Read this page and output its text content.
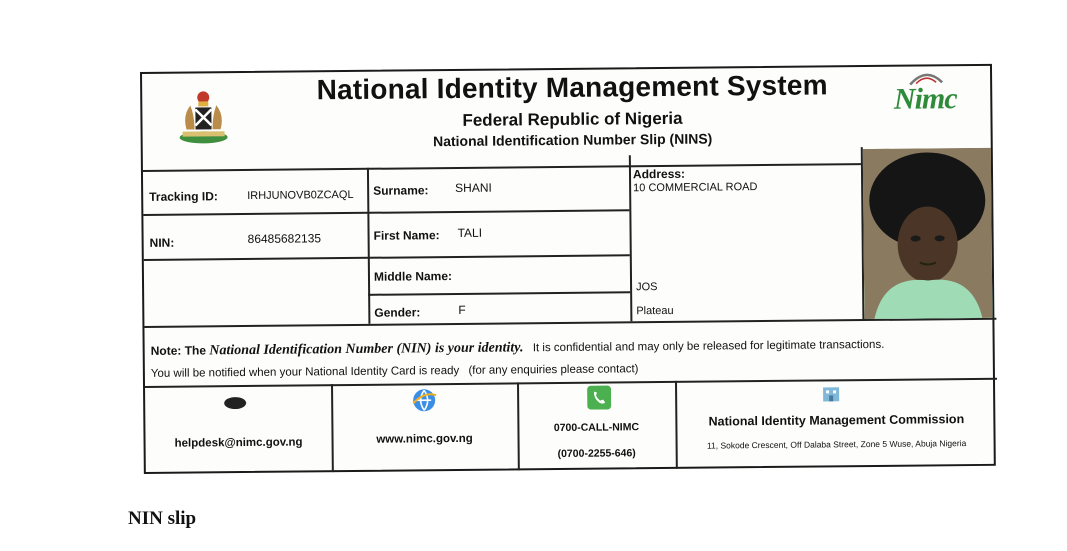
National Identity Management System
Federal Republic of Nigeria
National Identification Number Slip (NINS)
Nimc
Tracking ID:	IRHJUNOVB0ZCAQL
NIN:	86485682135
Surname: SHANI
First Name: TALI
Middle Name:
Gender:	F
Address:
10 COMMERCIAL ROAD
JOS
Plateau
Note: The National Identification Number (NIN) is your identity. It is confidential and may only be released for legitimate transactions.
You will be notified when your National Identity Card is ready (for any enquiries please contact)
helpdesk@nimc.gov.ng	www.nimc.gov.ng
0700-CALL-NIMC
(0700-2255-646)
National Identity Management Commission
11, Sokode Crescent, Off Dalaba Street, Zone 5 Wuse, Abuja Nigeria
NIN slip
